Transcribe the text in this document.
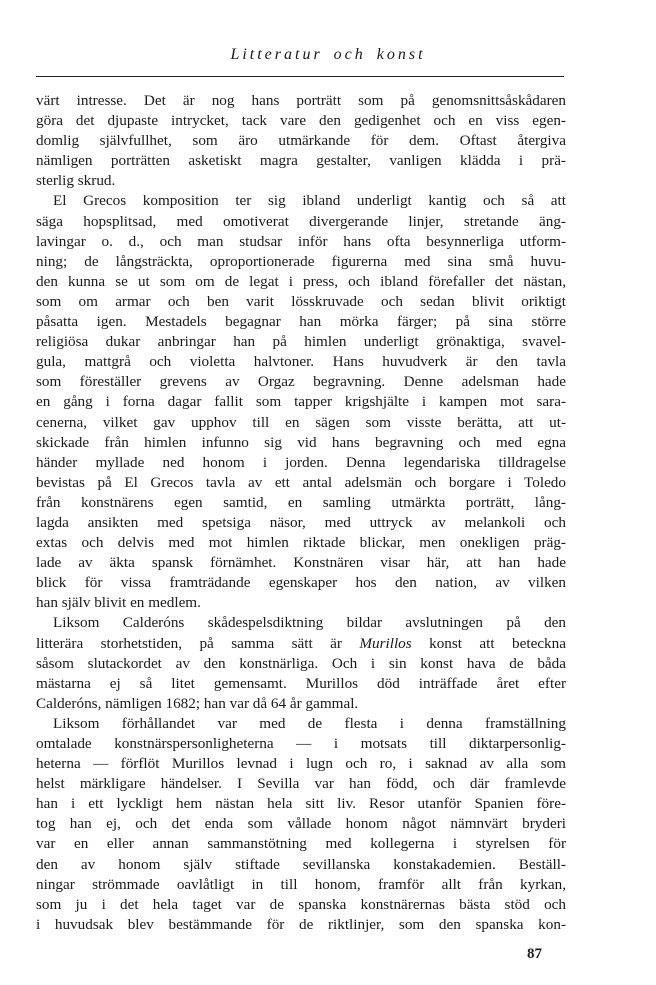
Litteratur och konst
värt intresse. Det är nog hans porträtt som på genomsnittsåskådaren
göra det djupaste intrycket, tack vare den gedigenhet och en viss egen-
domlig självfullhet, som äro utmärkande för dem. Oftast återgiva
nämligen porträtten asketiskt magra gestalter, vanligen klädda i prä-
sterlig skrud.
El Grecos komposition ter sig ibland underligt kantig och så att
säga hopsplitsad, med omotiverat divergerande linjer, stretande äng-
lavingar o. d., och man studsar inför hans ofta besynnerliga utform-
ning; de långsträckta, oproportionerade figurerna med sina små huvu-
den kunna se ut som om de legat i press, och ibland förefaller det nästan,
som om armar och ben varit lösskruvade och sedan blivit oriktigt
påsatta igen. Mestadels begagnar han mörka färger; på sina större
religiösa dukar anbringar han på himlen underligt grönaktiga, svavel-
gula, mattgrå och violetta halvtoner. Hans huvudverk är den tavla
som föreställer grevens av Orgaz begravning. Denne adelsman hade
en gång i forna dagar fallit som tapper krigshjälte i kampen mot sara-
cenerna, vilket gav upphov till en sägen som visste berätta, att ut-
skickade från himlen infunno sig vid hans begravning och med egna
händer myllade ned honom i jorden. Denna legendariska tilldragelse
bevistas på El Grecos tavla av ett antal adelsmän och borgare i Toledo
från konstnärens egen samtid, en samling utmärkta porträtt, lång-
lagda ansikten med spetsiga näsor, med uttryck av melankoli och
extas och delvis med mot himlen riktade blickar, men onekligen präg-
lade av äkta spansk förnämhet. Konstnären visar här, att han hade
blick för vissa framträdande egenskaper hos den nation, av vilken
han själv blivit en medlem.
Liksom Calderóns skådespelsdiktning bildar avslutningen på den
litterära storhetstiden, på samma sätt är Murillos konst att beteckna
såsom slutackordet av den konstnärliga. Och i sin konst hava de båda
mästarna ej så litet gemensamt. Murillos död inträffade året efter
Calderóns, nämligen 1682; han var då 64 år gammal.
Liksom förhållandet var med de flesta i denna framställning
omtalade konstnärspersonligheterna — i motsats till diktarpersonlig-
heterna — förflöt Murillos levnad i lugn och ro, i saknad av alla som
helst märkligare händelser. I Sevilla var han född, och där framlevde
han i ett lyckligt hem nästan hela sitt liv. Resor utanför Spanien före-
tog han ej, och det enda som vållade honom något nämnvärt bryderi
var en eller annan sammanstötning med kollegerna i styrelsen för
den av honom själv stiftade sevillanska konstakademien. Beställ-
ningar strömmade oavlåtligt in till honom, framför allt från kyrkan,
som ju i det hela taget var de spanska konstnärernas bästa stöd och
i huvudsak blev bestämmande för de riktlinjer, som den spanska kon-
87
